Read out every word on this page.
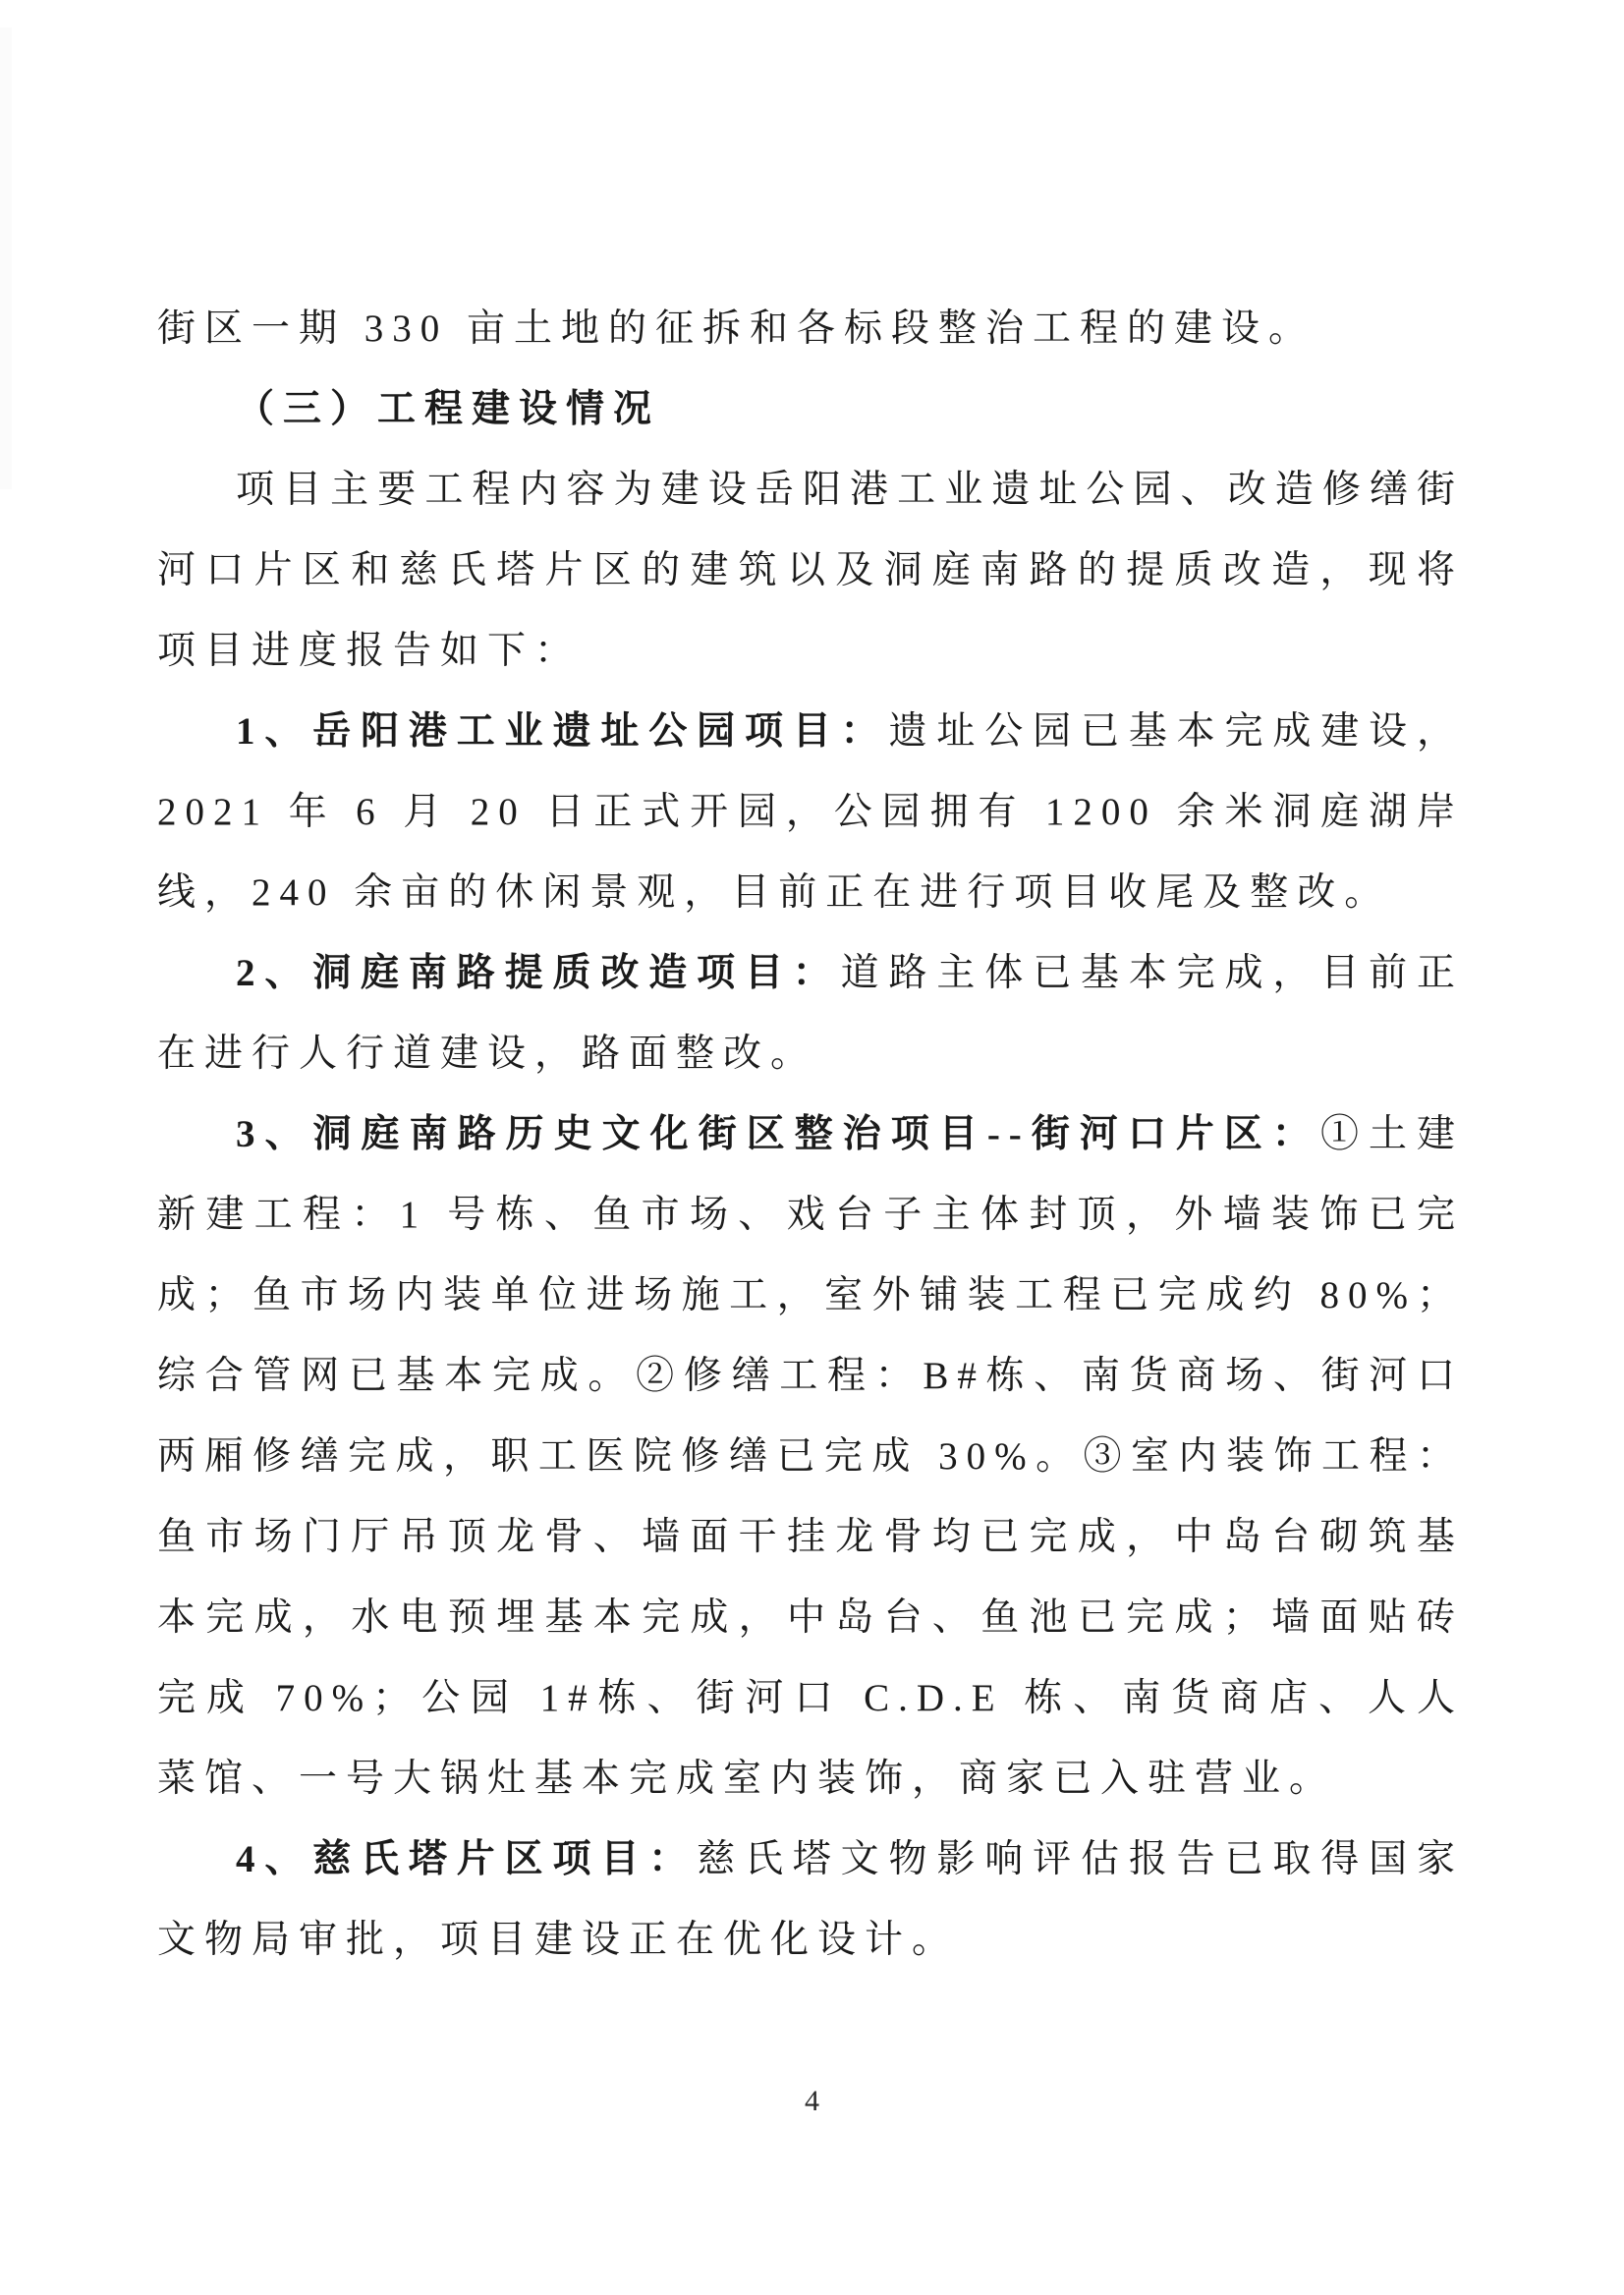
街区一期 330 亩土地的征拆和各标段整治工程的建设。

（三）工程建设情况

项目主要工程内容为建设岳阳港工业遗址公园、改造修缮街河口片区和慈氏塔片区的建筑以及洞庭南路的提质改造，现将项目进度报告如下：

1、岳阳港工业遗址公园项目：遗址公园已基本完成建设，2021 年 6 月 20 日正式开园，公园拥有 1200 余米洞庭湖岸线，240 余亩的休闲景观，目前正在进行项目收尾及整改。

2、洞庭南路提质改造项目：道路主体已基本完成，目前正在进行人行道建设，路面整改。

3、洞庭南路历史文化街区整治项目--街河口片区：①土建新建工程：1 号栋、鱼市场、戏台子主体封顶，外墙装饰已完成；鱼市场内装单位进场施工，室外铺装工程已完成约 80%；综合管网已基本完成。②修缮工程：B#栋、南货商场、街河口两厢修缮完成，职工医院修缮已完成 30%。③室内装饰工程：鱼市场门厅吊顶龙骨、墙面干挂龙骨均已完成，中岛台砌筑基本完成，水电预埋基本完成，中岛台、鱼池已完成；墙面贴砖完成 70%；公园 1#栋、街河口 C.D.E 栋、南货商店、人人菜馆、一号大锅灶基本完成室内装饰，商家已入驻营业。

4、慈氏塔片区项目：慈氏塔文物影响评估报告已取得国家文物局审批，项目建设正在优化设计。

4
